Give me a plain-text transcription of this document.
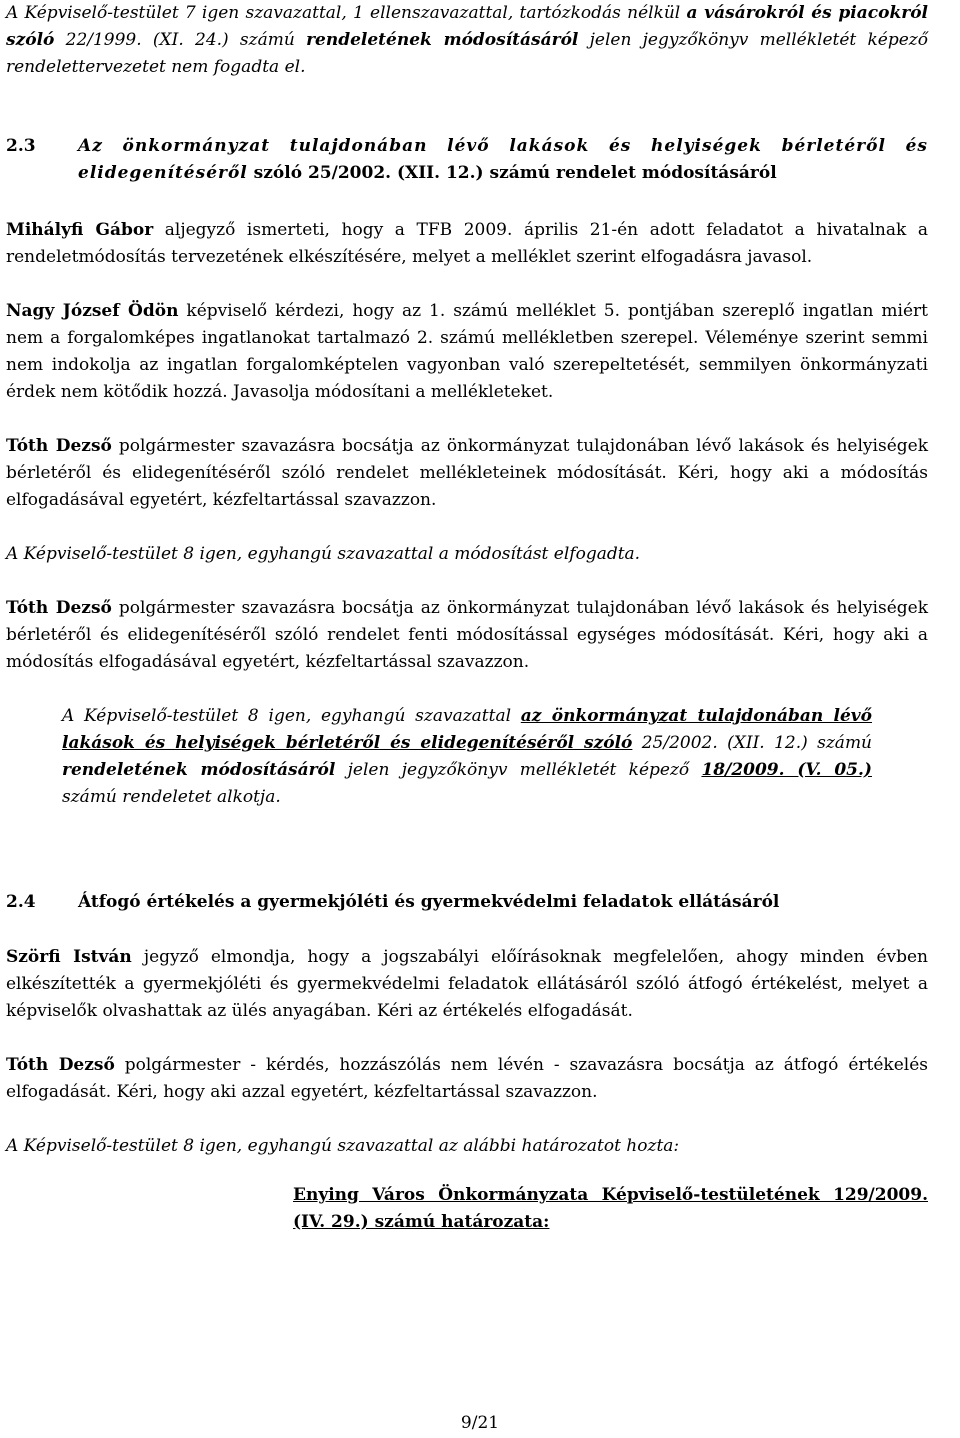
A Képviselő-testület 7 igen szavazattal, 1 ellenszavazattal, tartózkodás nélkül a vásárokról és piacokról szóló 22/1999. (XI. 24.) számú rendeletének módosításáról jelen jegyzőkönyv mellékletét képező rendelettervezetet nem fogadta el.

2.3	Az önkormányzat tulajdonában lévő lakások és helyiségek bérletéről és elidegenítéséről szóló 25/2002. (XII. 12.) számú rendelet módosításáról

Mihályfi Gábor aljegyző ismerteti, hogy a TFB 2009. április 21-én adott feladatot a hivatalnak a rendeletmódosítás tervezetének elkészítésére, melyet a melléklet szerint elfogadásra javasol.

Nagy József Ödön képviselő kérdezi, hogy az 1. számú melléklet 5. pontjában szereplő ingatlan miért nem a forgalomképes ingatlanokat tartalmazó 2. számú mellékletben szerepel. Véleménye szerint semmi nem indokolja az ingatlan forgalomképtelen vagyonban való szerepeltetését, semmilyen önkormányzati érdek nem kötődik hozzá. Javasolja módosítani a mellékleteket.

Tóth Dezső polgármester szavazásra bocsátja az önkormányzat tulajdonában lévő lakások és helyiségek bérletéről és elidegenítéséről szóló rendelet mellékleteinek módosítását. Kéri, hogy aki a módosítás elfogadásával egyetért, kézfeltartással szavazzon.

A Képviselő-testület 8 igen, egyhangú szavazattal a módosítást elfogadta.

Tóth Dezső polgármester szavazásra bocsátja az önkormányzat tulajdonában lévő lakások és helyiségek bérletéről és elidegenítéséről szóló rendelet fenti módosítással egységes módosítását. Kéri, hogy aki a módosítás elfogadásával egyetért, kézfeltartással szavazzon.

A Képviselő-testület 8 igen, egyhangú szavazattal az önkormányzat tulajdonában lévő lakások és helyiségek bérletéről és elidegenítéséről szóló 25/2002. (XII. 12.) számú rendeletének módosításáról jelen jegyzőkönyv mellékletét képező 18/2009. (V. 05.) számú rendeletet alkotja.

2.4	Átfogó értékelés a gyermekjóléti és gyermekvédelmi feladatok ellátásáról

Szörfi István jegyző elmondja, hogy a jogszabályi előírásoknak megfelelően, ahogy minden évben elkészítették a gyermekjóléti és gyermekvédelmi feladatok ellátásáról szóló átfogó értékelést, melyet a képviselők olvashattak az ülés anyagában. Kéri az értékelés elfogadását.

Tóth Dezső polgármester - kérdés, hozzászólás nem lévén - szavazásra bocsátja az átfogó értékelés elfogadását. Kéri, hogy aki azzal egyetért, kézfeltartással szavazzon.

A Képviselő-testület 8 igen, egyhangú szavazattal az alábbi határozatot hozta:

Enying Város Önkormányzata Képviselő-testületének 129/2009. (IV. 29.) számú határozata:
9/21
